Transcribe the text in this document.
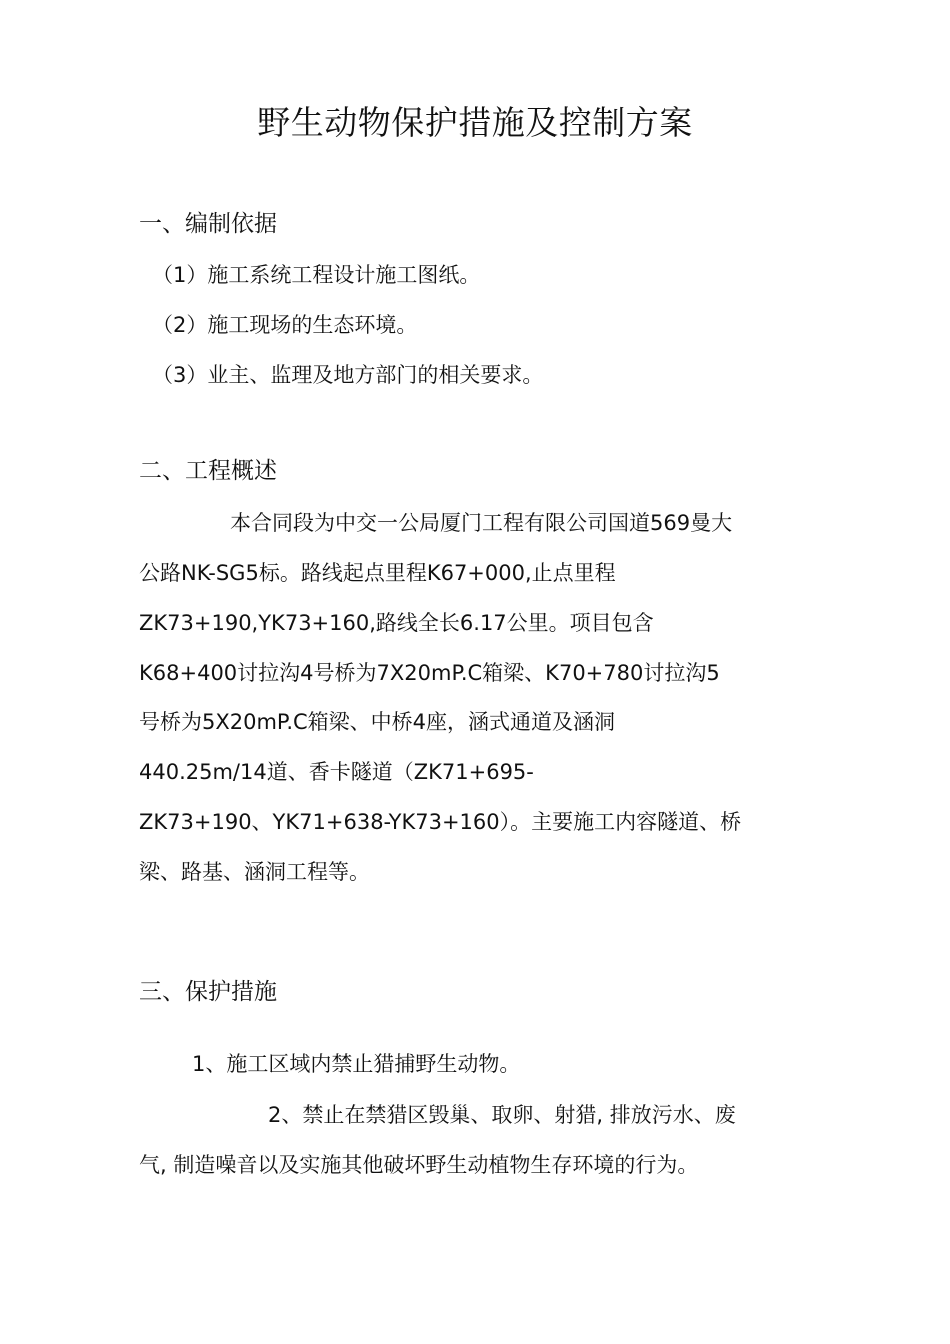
野生动物保护措施及控制方案
一、编制依据
（1）施工系统工程设计施工图纸。
（2）施工现场的生态环境。
（3）业主、监理及地方部门的相关要求。
二、工程概述
本合同段为中交一公局厦门工程有限公司国道569曼大
公路NK-SG5标。路线起点里程K67+000,止点里程
ZK73+190,YK73+160,路线全长6.17公里。项目包含
K68+400讨拉沟4号桥为7X20mP.C箱梁、K70+780讨拉沟5
号桥为5X20mP.C箱梁、中桥4座，涵式通道及涵洞
440.25m/14道、香卡隧道（ZK71+695-
ZK73+190、YK71+638-YK73+160）。主要施工内容隧道、桥
梁、路基、涵洞工程等。
三、保护措施
1、施工区域内禁止猎捕野生动物。
2、禁止在禁猎区毁巢、取卵、射猎, 排放污水、废
气, 制造噪音以及实施其他破坏野生动植物生存环境的行为。
